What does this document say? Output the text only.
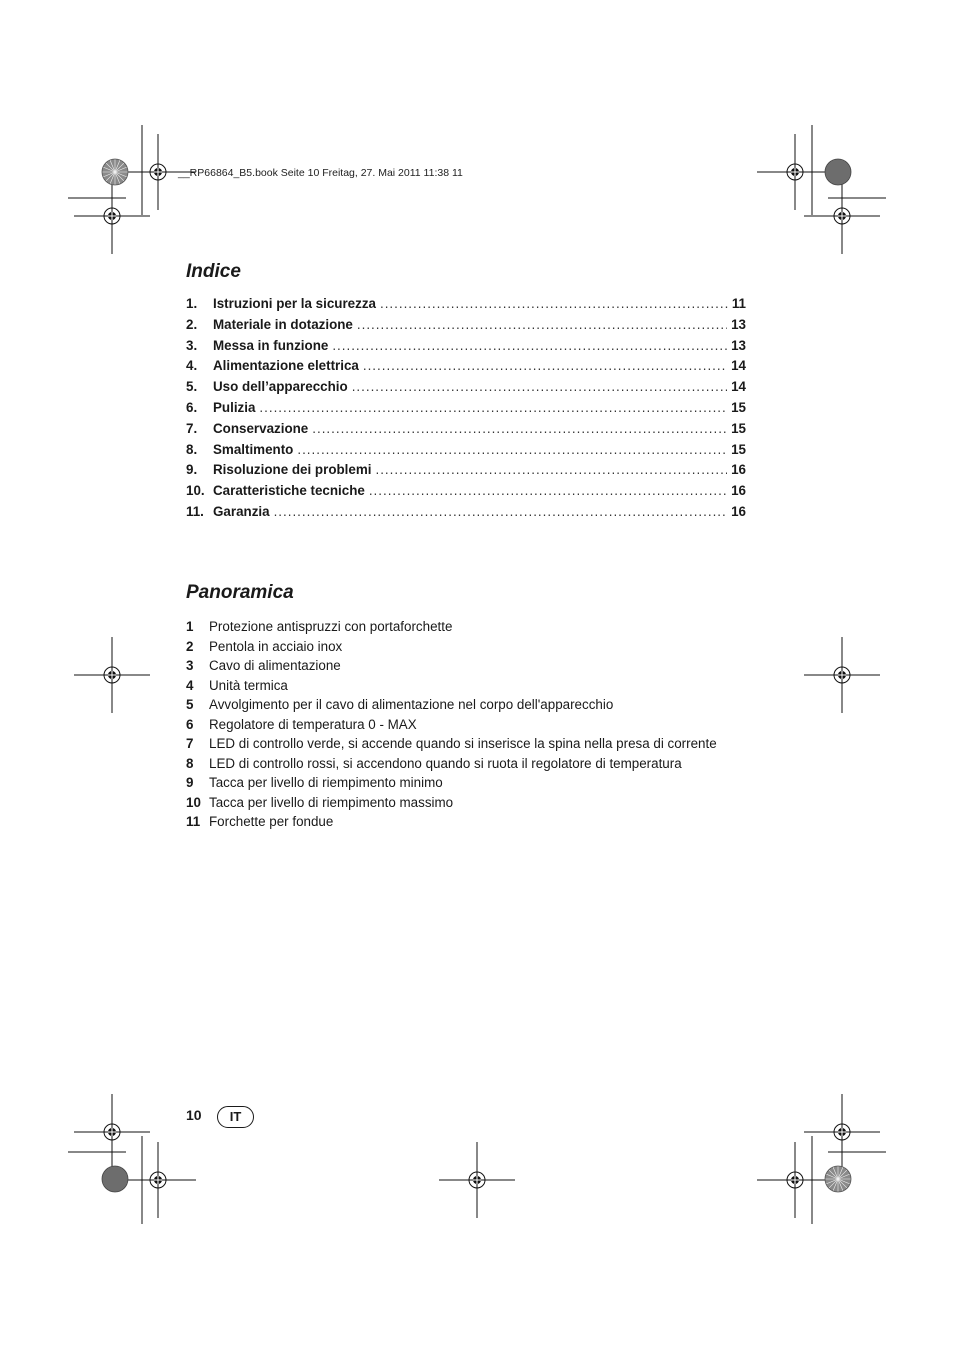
__RP66864_B5.book Seite 10 Freitag, 27. Mai 2011 11:38 11
Indice
1.	Istruzioni per la sicurezza .....	11
2.	Materiale in dotazione .....	13
3.	Messa in funzione .....	13
4.	Alimentazione elettrica .....	14
5.	Uso dell’apparecchio .....	14
6.	Pulizia .....	15
7.	Conservazione .....	15
8.	Smaltimento .....	15
9.	Risoluzione dei problemi .....	16
10. Caratteristiche tecniche .....	16
11. Garanzia .....	16
Panoramica
1	Protezione antispruzzi con portaforchette
2	Pentola in acciaio inox
3	Cavo di alimentazione
4	Unità termica
5	Avvolgimento per il cavo di alimentazione nel corpo dell'apparecchio
6	Regolatore di temperatura 0 - MAX
7	LED di controllo verde, si accende quando si inserisce la spina nella presa di corrente
8	LED di controllo rossi, si accendono quando si ruota il regolatore di temperatura
9	Tacca per livello di riempimento minimo
10 Tacca per livello di riempimento massimo
11 Forchette per fondue
10	IT
